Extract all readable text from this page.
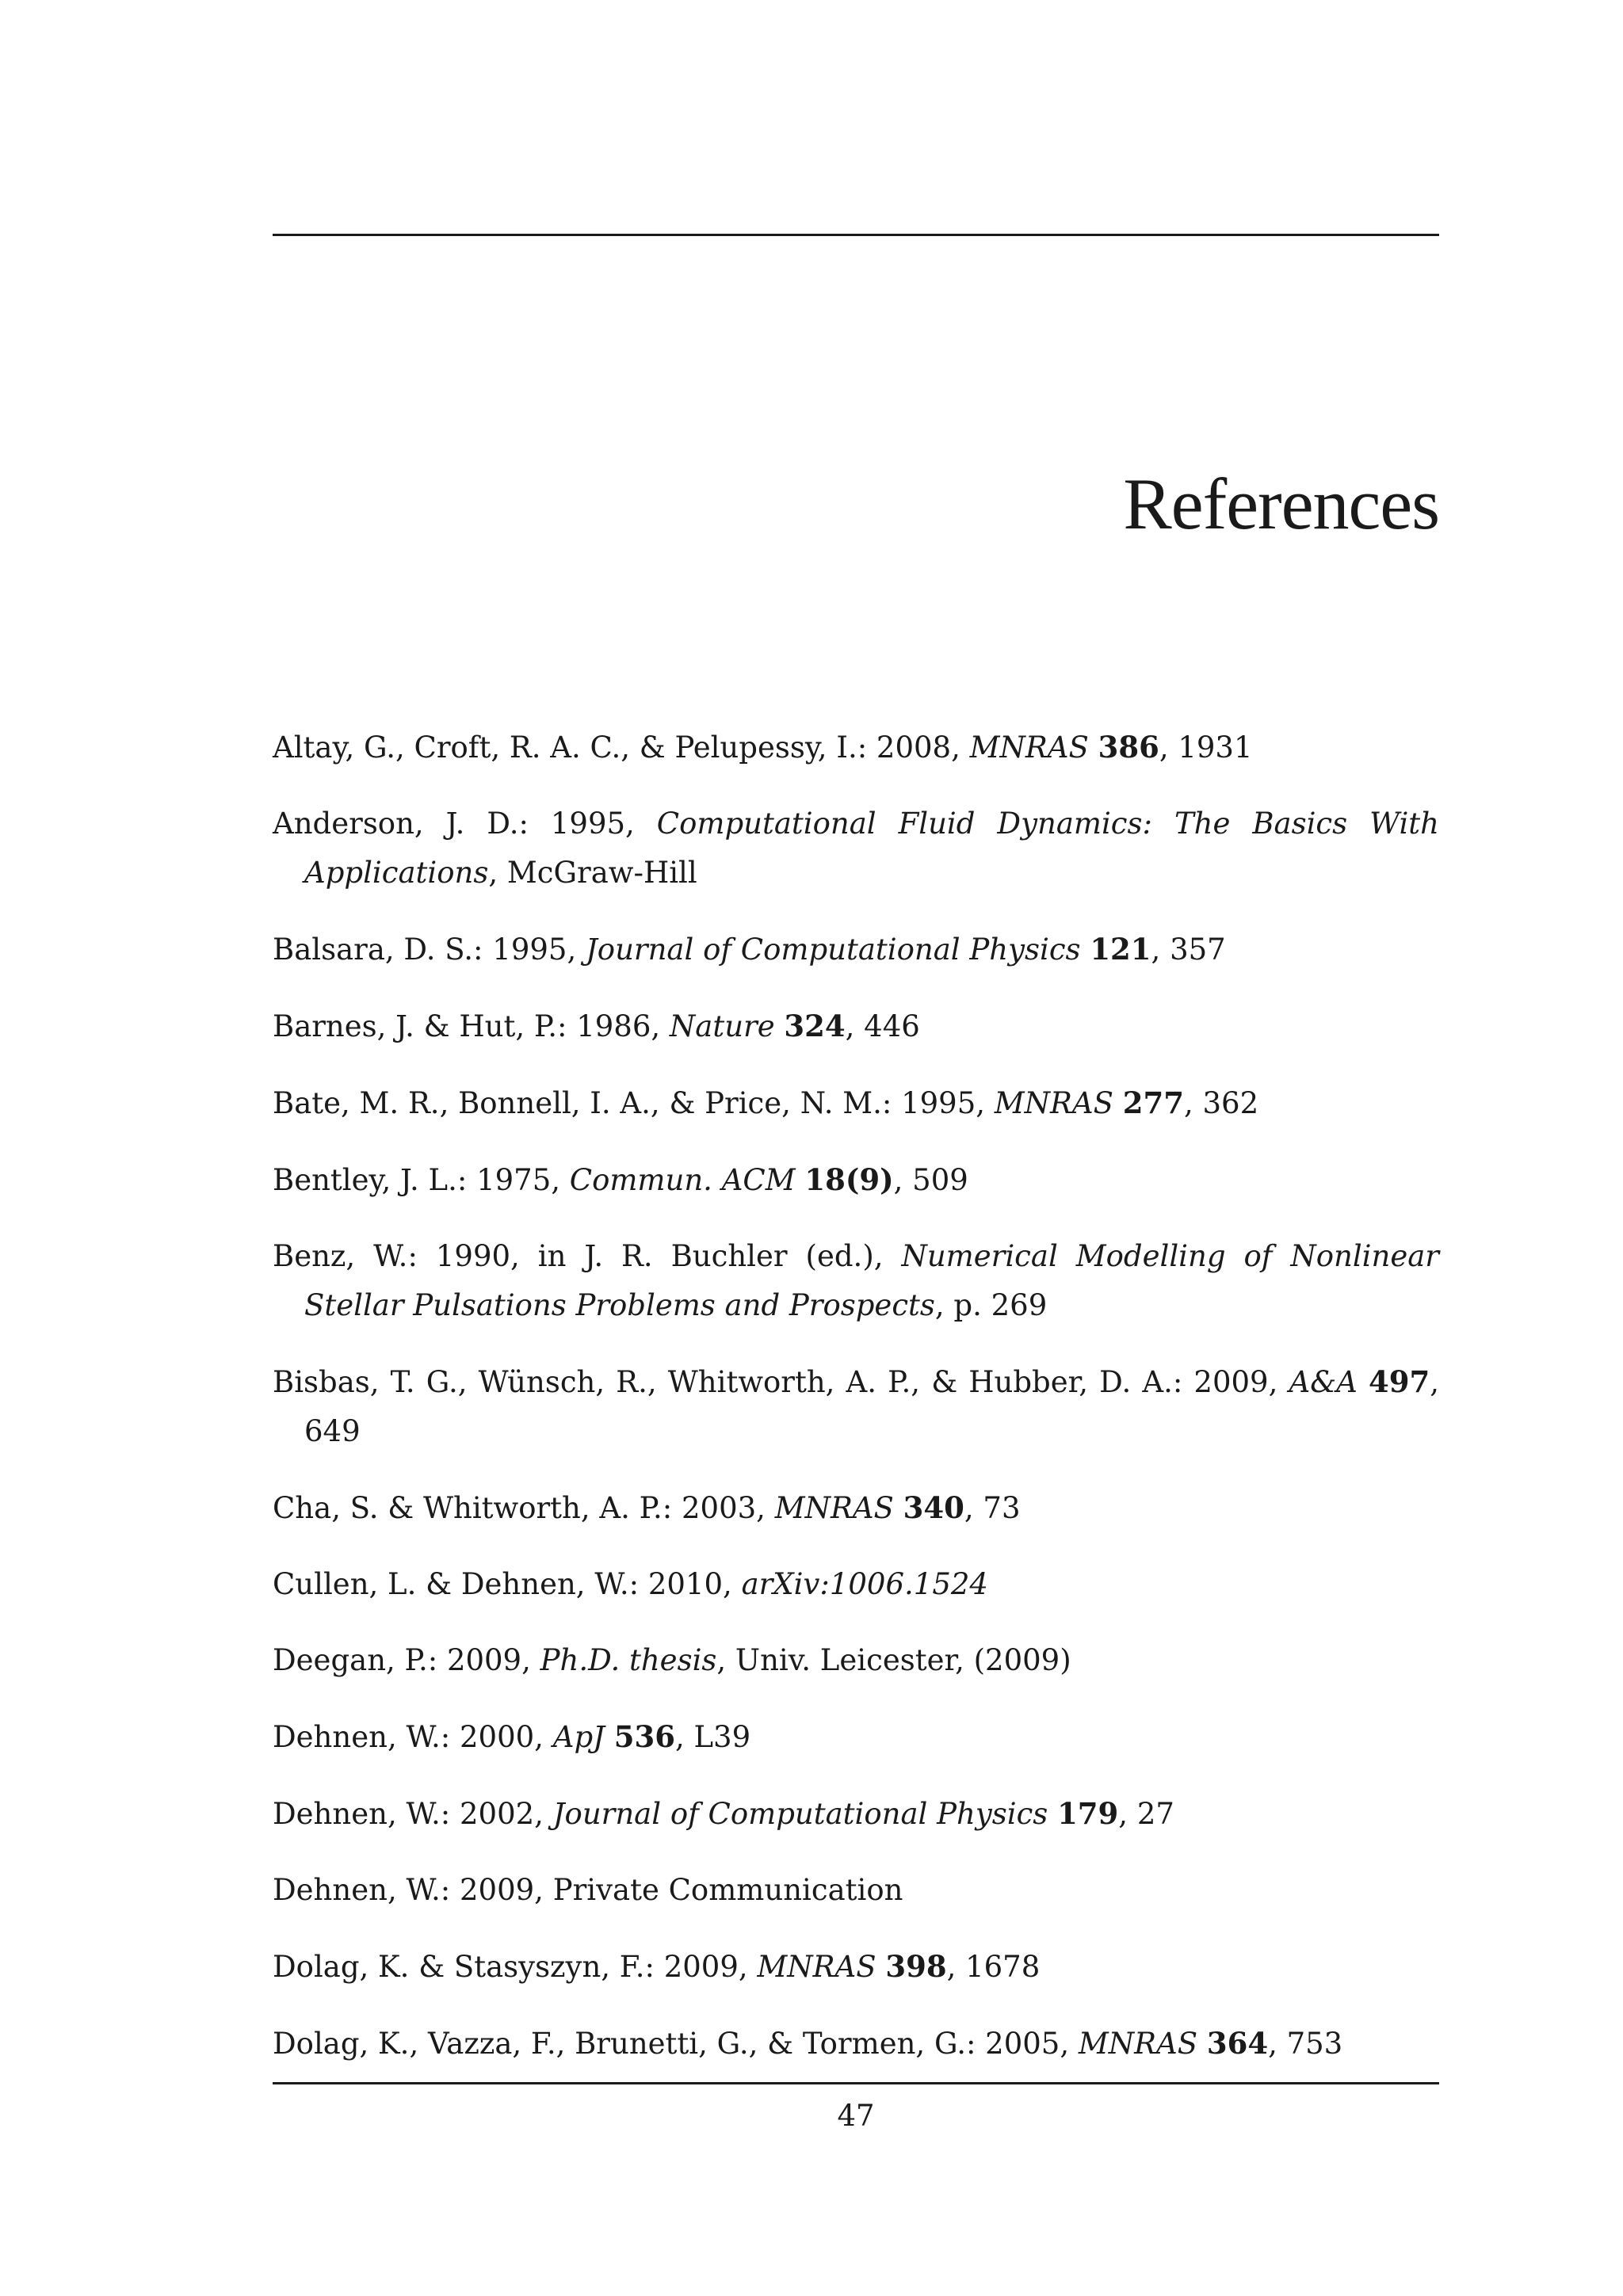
References
Altay, G., Croft, R. A. C., & Pelupessy, I.: 2008, MNRAS 386, 1931
Anderson, J. D.: 1995, Computational Fluid Dynamics: The Basics With Applications, McGraw-Hill
Balsara, D. S.: 1995, Journal of Computational Physics 121, 357
Barnes, J. & Hut, P.: 1986, Nature 324, 446
Bate, M. R., Bonnell, I. A., & Price, N. M.: 1995, MNRAS 277, 362
Bentley, J. L.: 1975, Commun. ACM 18(9), 509
Benz, W.: 1990, in J. R. Buchler (ed.), Numerical Modelling of Nonlinear Stellar Pulsations Problems and Prospects, p. 269
Bisbas, T. G., Wünsch, R., Whitworth, A. P., & Hubber, D. A.: 2009, A&A 497, 649
Cha, S. & Whitworth, A. P.: 2003, MNRAS 340, 73
Cullen, L. & Dehnen, W.: 2010, arXiv:1006.1524
Deegan, P.: 2009, Ph.D. thesis, Univ. Leicester, (2009)
Dehnen, W.: 2000, ApJ 536, L39
Dehnen, W.: 2002, Journal of Computational Physics 179, 27
Dehnen, W.: 2009, Private Communication
Dolag, K. & Stasyszyn, F.: 2009, MNRAS 398, 1678
Dolag, K., Vazza, F., Brunetti, G., & Tormen, G.: 2005, MNRAS 364, 753
47
